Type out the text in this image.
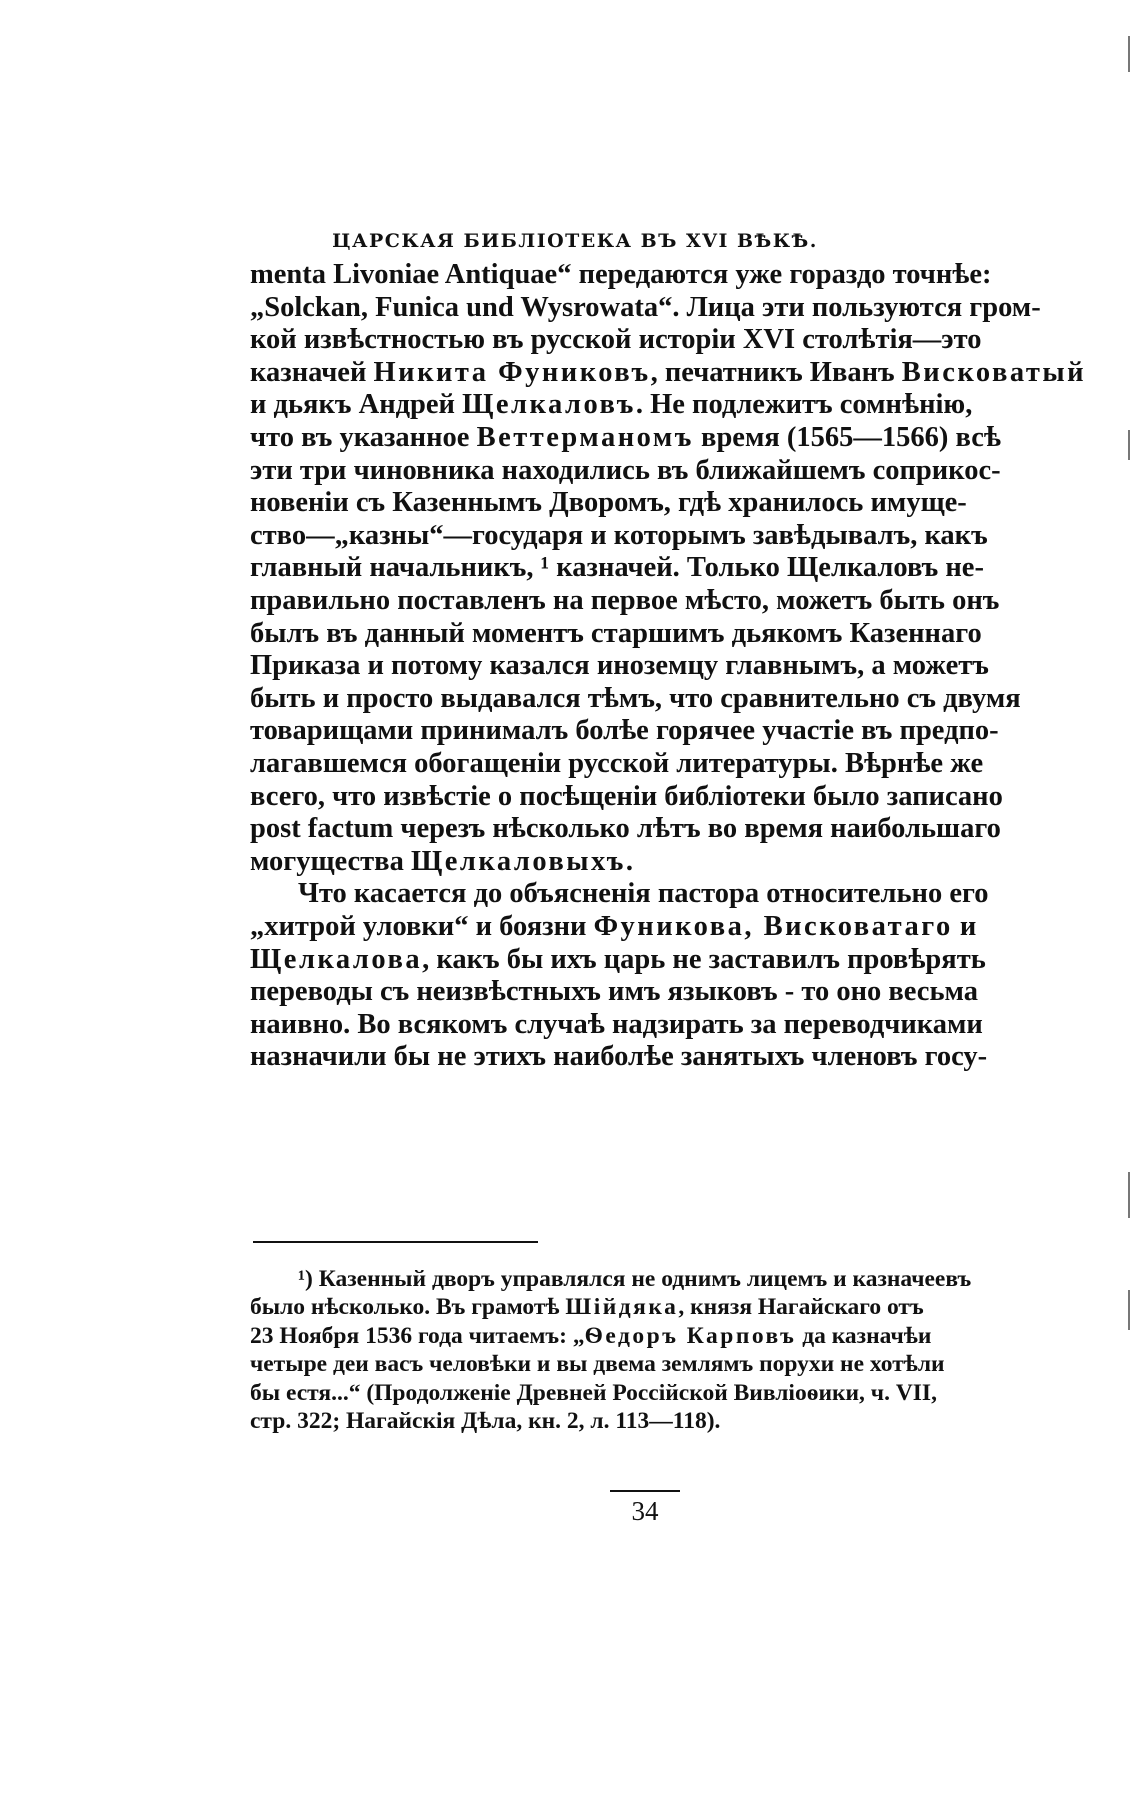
ЦАРСКАЯ БИБЛIОТЕКА ВЪ XVI ВѢКѢ.
menta Livoniae Antiquae“ передаются уже гораздо точнѣе:
„Solckan, Funica und Wysrowata“. Лица эти пользуются гром-
кой извѣстностью въ русской исторіи XVI столѣтія—это
казначей Никита Фуниковъ, печатникъ Иванъ Висковатый
и дьякъ Андрей Щелкаловъ. Не подлежитъ сомнѣнію,
что въ указанное Веттерманомъ время (1565—1566) всѣ
эти три чиновника находились въ ближайшемъ соприкос-
новеніи съ Казеннымъ Дворомъ, гдѣ хранилось имуще-
ство—„казны“—государя и которымъ завѣдывалъ, какъ
главный начальникъ, ¹ казначей. Только Щелкаловъ не-
правильно поставленъ на первое мѣсто, можетъ быть онъ
былъ въ данный моментъ старшимъ дьякомъ Казеннаго
Приказа и потому казался иноземцу главнымъ, а можетъ
быть и просто выдавался тѣмъ, что сравнительно съ двумя
товарищами принималъ болѣе горячее участіе въ предпо-
лагавшемся обогащеніи русской литературы. Вѣрнѣе же
всего, что извѣстіе о посѣщеніи библіотеки было записано
post factum черезъ нѣсколько лѣтъ во время наибольшаго
могущества Щелкаловыхъ.
Что касается до объясненія пастора относительно его
„хитрой уловки“ и боязни Фуникова, Висковатаго и
Щелкалова, какъ бы ихъ царь не заставилъ провѣрять
переводы съ неизвѣстныхъ имъ языковъ - то оно весьма
наивно. Во всякомъ случаѣ надзирать за переводчиками
назначили бы не этихъ наиболѣе занятыхъ членовъ госу-
¹) Казенный дворъ управлялся не однимъ лицемъ и казначеевъ
было нѣсколько. Въ грамотѣ Шійдяка, князя Нагайскаго отъ
23 Ноября 1536 года читаемъ: „Ѳедоръ Карповъ да казначѣи
четыре деи васъ человѣки и вы двема землямъ порухи не хотѣли
бы естя...“ (Продолженіе Древней Россійской Вивліоѳики, ч. VII,
стр. 322; Нагайскія Дѣла, кн. 2, л. 113—118).
34
